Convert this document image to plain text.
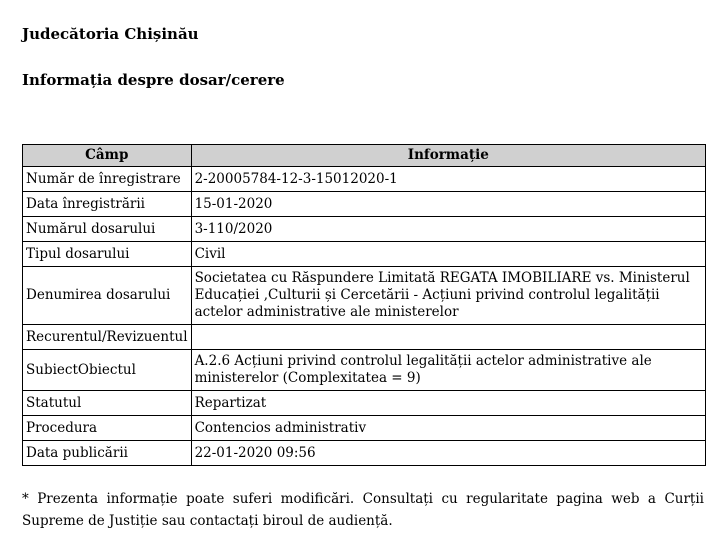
Judecătoria Chișinău
Informația despre dosar/cerere
Câmp	Informație
Număr de înregistrare	2-20005784-12-3-15012020-1
Data înregistrării	15-01-2020
Numărul dosarului	3-110/2020
Tipul dosarului	Civil
Denumirea dosarului	Societatea cu Răspundere Limitată REGATA IMOBILIARE vs. Ministerul Educației ,Culturii și Cercetării - Acțiuni privind controlul legalității actelor administrative ale ministerelor
Recurentul/Revizuentul	
SubiectObiectul	A.2.6 Acțiuni privind controlul legalității actelor administrative ale ministerelor (Complexitatea = 9)
Statutul	Repartizat
Procedura	Contencios administrativ
Data publicării	22-01-2020 09:56

* Prezenta informație poate suferi modificări. Consultați cu regularitate pagina web a Curții Supreme de Justiție sau contactați biroul de audiență.
